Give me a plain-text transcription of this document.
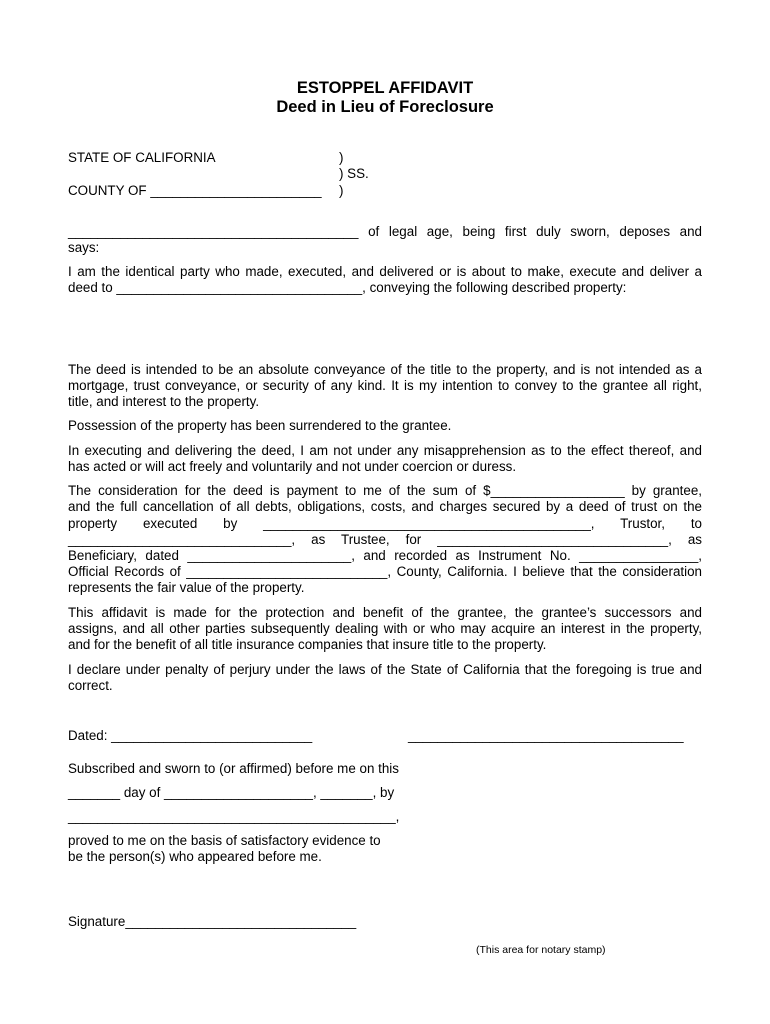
ESTOPPEL AFFIDAVIT
Deed in Lieu of Foreclosure
STATE OF CALIFORNIA
COUNTY OF _______________________
)
) SS.
)
_______________________________________ of legal age, being first duly sworn, deposes and
says:
I am the identical party who made, executed, and delivered or is about to make, execute and deliver a
deed to _________________________________, conveying the following described property:
The deed is intended to be an absolute conveyance of the title to the property, and is not intended as a
mortgage, trust conveyance, or security of any kind. It is my intention to convey to the grantee all right,
title, and interest to the property.
Possession of the property has been surrendered to the grantee.
In executing and delivering the deed, I am not under any misapprehension as to the effect thereof, and
has acted or will act freely and voluntarily and not under coercion or duress.
The consideration for the deed is payment to me of the sum of $__________________ by grantee,
and the full cancellation of all debts, obligations, costs, and charges secured by a deed of trust on the
property executed by ____________________________________________, Trustor, to
______________________________, as Trustee, for _______________________________, as
Beneficiary, dated ______________________, and recorded as Instrument No. ________________,
Official Records of ___________________________, County, California. I believe that the consideration
represents the fair value of the property.
This affidavit is made for the protection and benefit of the grantee, the grantee’s successors and
assigns, and all other parties subsequently dealing with or who may acquire an interest in the property,
and for the benefit of all title insurance companies that insure title to the property.
I declare under penalty of perjury under the laws of the State of California that the foregoing is true and
correct.
Dated: ___________________________	_____________________________________
Subscribed and sworn to (or affirmed) before me on this
_______ day of ____________________, _______, by
____________________________________________,
proved to me on the basis of satisfactory evidence to
be the person(s) who appeared before me.
Signature_______________________________
(This area for notary stamp)
